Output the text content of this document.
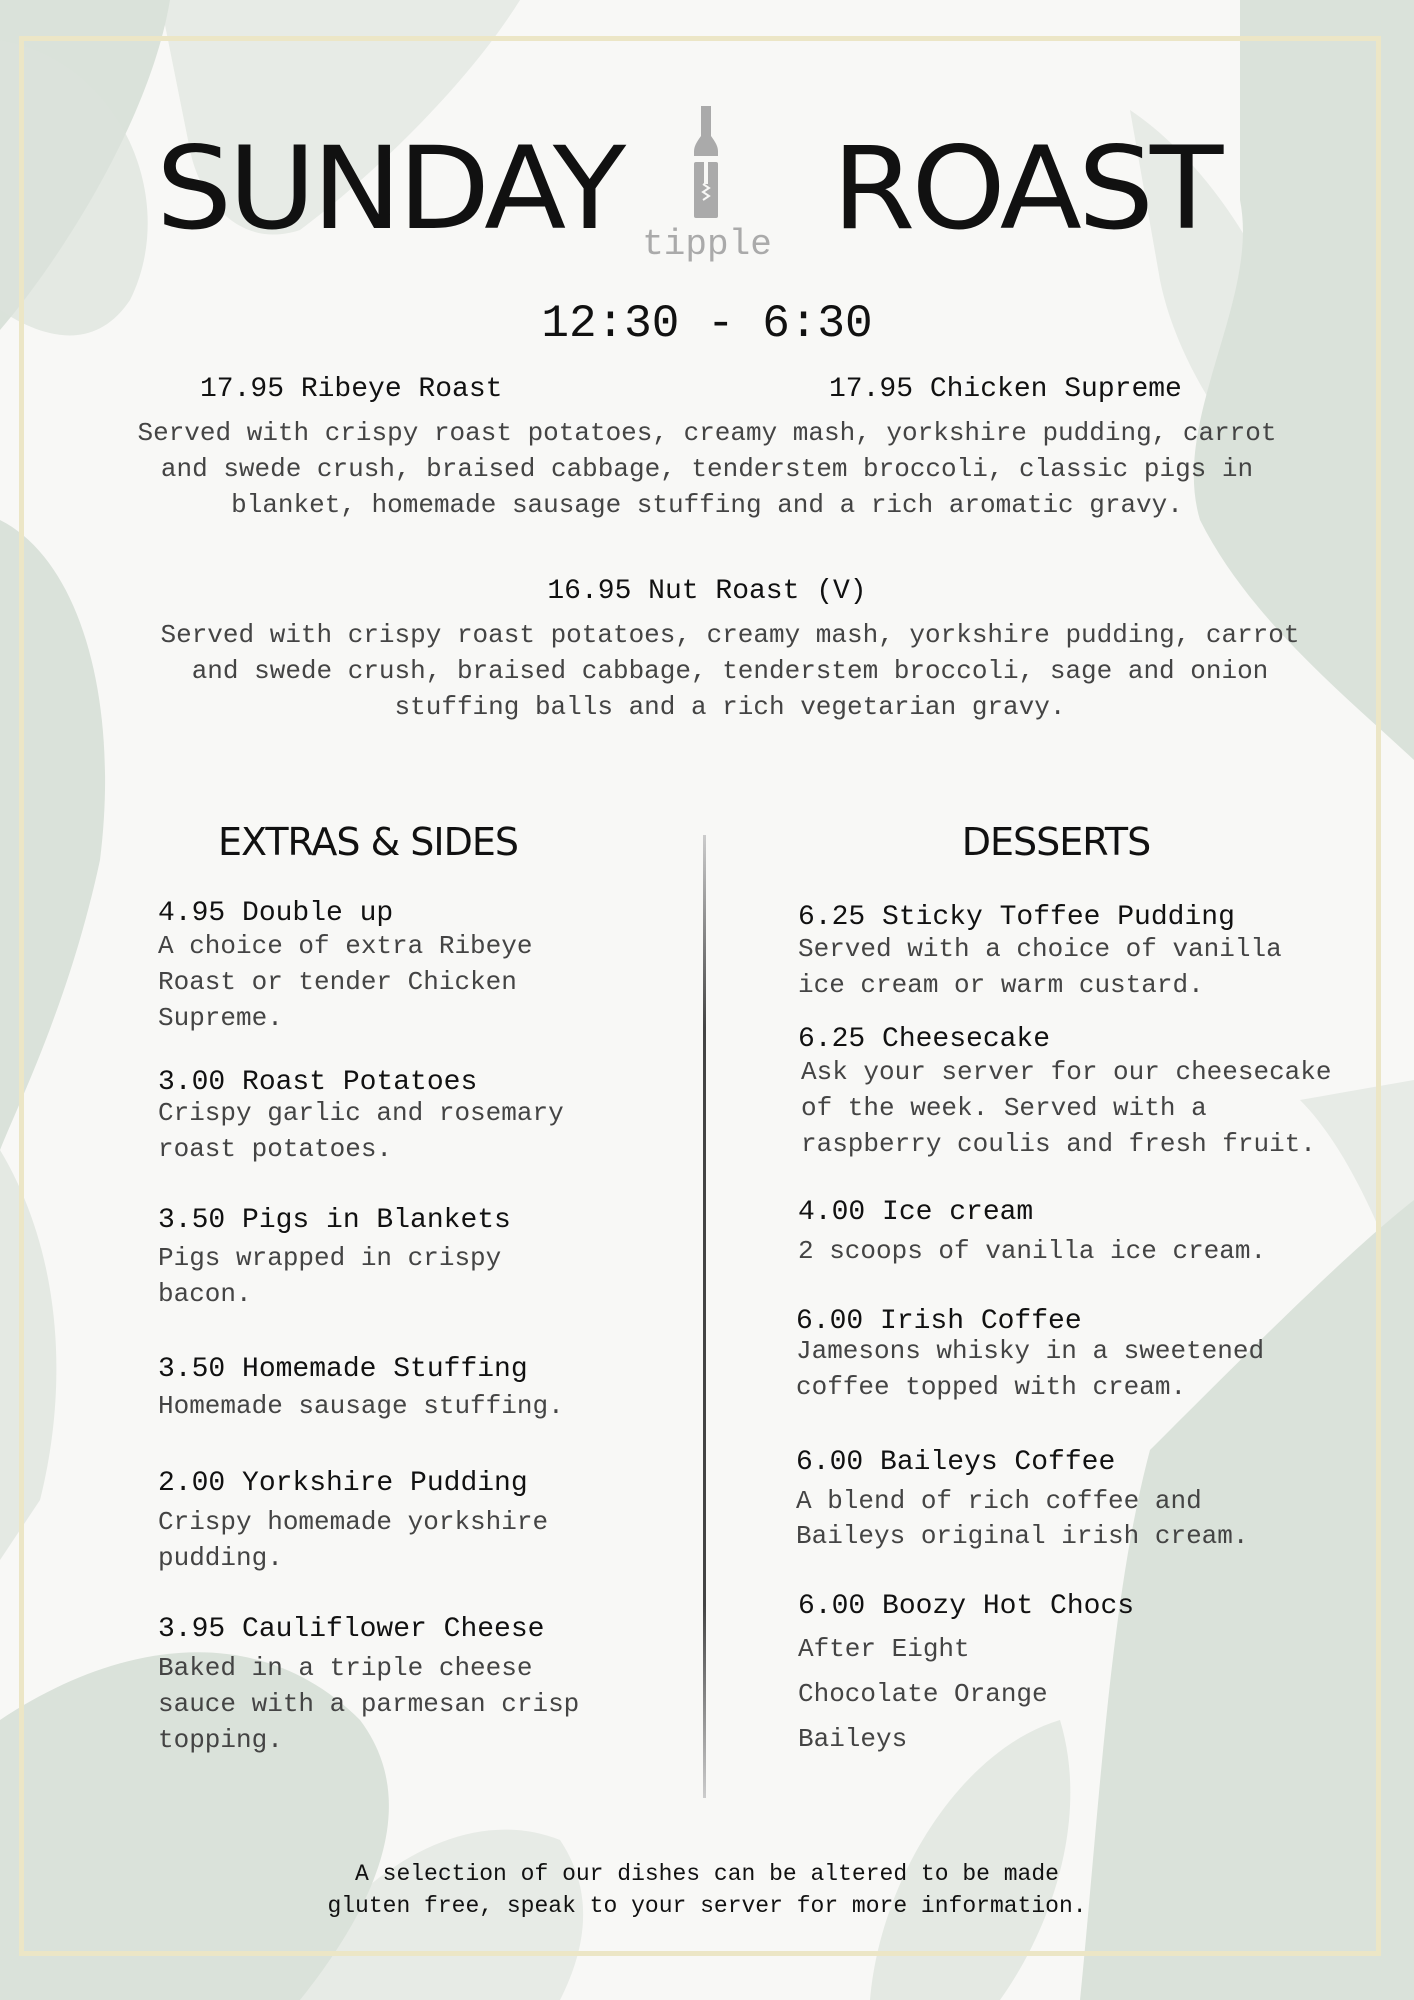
SUNDAY ROAST
tipple
12:30 - 6:30
17.95 Ribeye Roast	17.95 Chicken Supreme
Served with crispy roast potatoes, creamy mash, yorkshire pudding, carrot
and swede crush, braised cabbage, tenderstem broccoli, classic pigs in
blanket, homemade sausage stuffing and a rich aromatic gravy.
16.95 Nut Roast (V)
Served with crispy roast potatoes, creamy mash, yorkshire pudding, carrot
and swede crush, braised cabbage, tenderstem broccoli, sage and onion
stuffing balls and a rich vegetarian gravy.
EXTRAS & SIDES	DESSERTS
4.95 Double up
A choice of extra Ribeye
Roast or tender Chicken
Supreme.
3.00 Roast Potatoes
Crispy garlic and rosemary
roast potatoes.
3.50 Pigs in Blankets
Pigs wrapped in crispy
bacon.
3.50 Homemade Stuffing
Homemade sausage stuffing.
2.00 Yorkshire Pudding
Crispy homemade yorkshire
pudding.
3.95 Cauliflower Cheese
Baked in a triple cheese
sauce with a parmesan crisp
topping.
6.25 Sticky Toffee Pudding
Served with a choice of vanilla
ice cream or warm custard.
6.25 Cheesecake
Ask your server for our cheesecake
of the week. Served with a
raspberry coulis and fresh fruit.
4.00 Ice cream
2 scoops of vanilla ice cream.
6.00 Irish Coffee
Jamesons whisky in a sweetened
coffee topped with cream.
6.00 Baileys Coffee
A blend of rich coffee and
Baileys original irish cream.
6.00 Boozy Hot Chocs
After Eight
Chocolate Orange
Baileys
A selection of our dishes can be altered to be made
gluten free, speak to your server for more information.
